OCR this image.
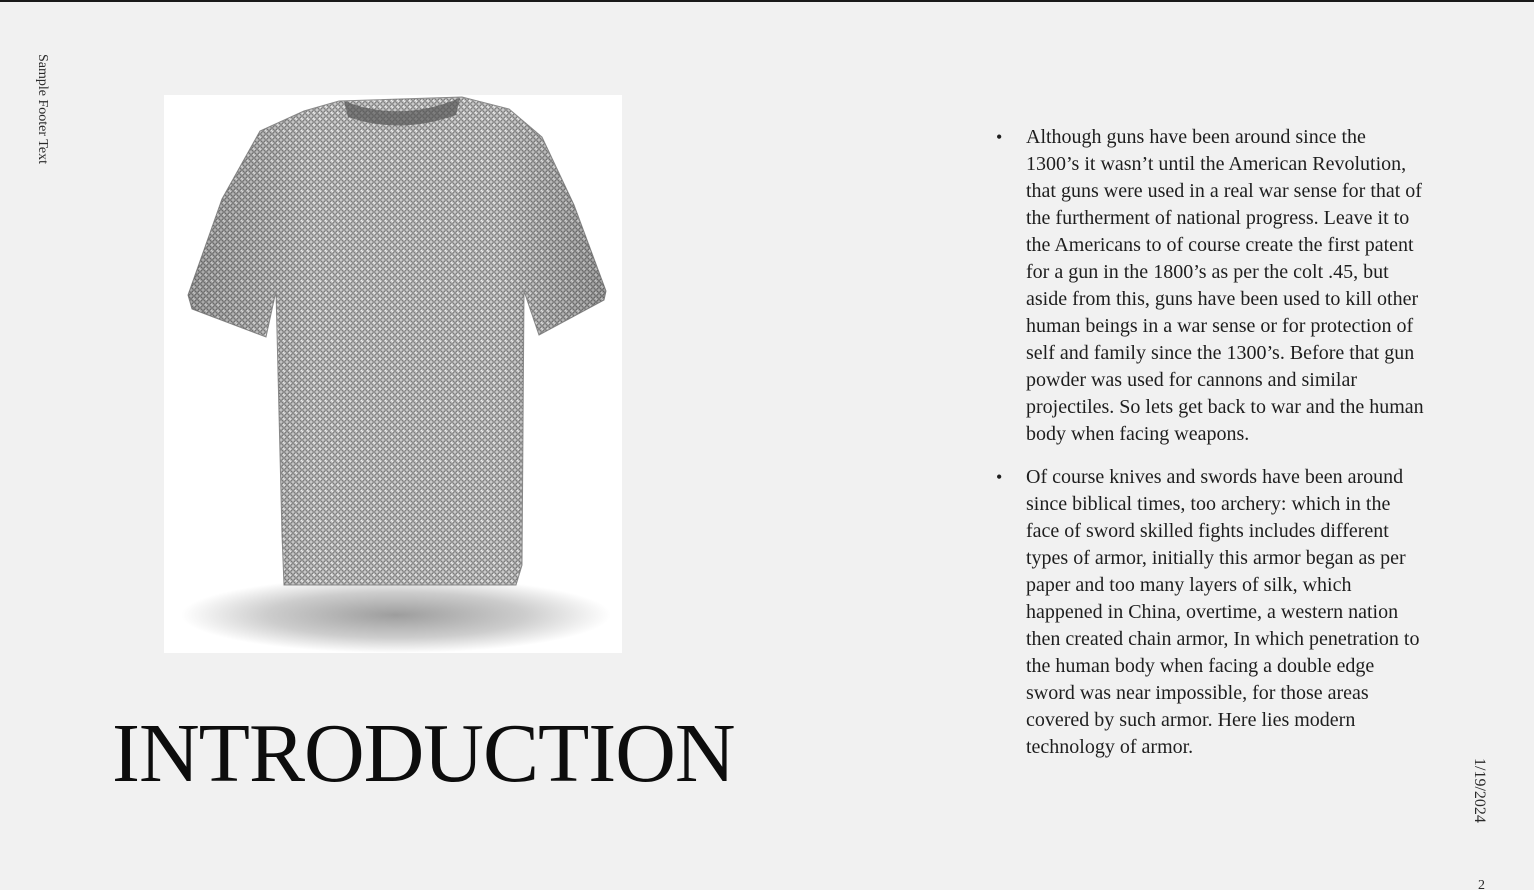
Sample Footer Text
INTRODUCTION
• Although guns have been around since the 1300’s it wasn’t until the American Revolution, that guns were used in a real war sense for that of the furtherment of national progress. Leave it to the Americans to of course create the first patent for a gun in the 1800’s as per the colt .45, but aside from this, guns have been used to kill other human beings in a war sense or for protection of self and family since the 1300’s. Before that gun powder was used for cannons and similar projectiles. So lets get back to war and the human body when facing weapons.
• Of course knives and swords have been around since biblical times, too archery: which in the face of sword skilled fights includes different types of armor, initially this armor began as per paper and too many layers of silk, which happened in China, overtime, a western nation then created chain armor, In which penetration to the human body when facing a double edge sword was near impossible, for those areas covered by such armor. Here lies modern technology of armor.
1/19/2024
2
